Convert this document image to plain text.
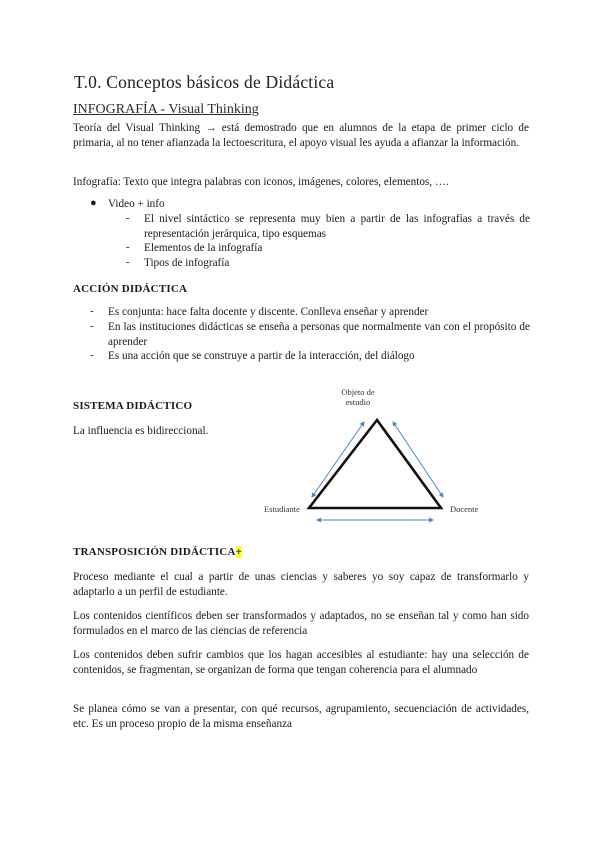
T.0. Conceptos básicos de Didáctica
INFOGRAFÍA - Visual Thinking
Teoría del Visual Thinking → está demostrado que en alumnos de la etapa de primer ciclo de primaria, al no tener afianzada la lectoescritura, el apoyo visual les ayuda a afianzar la información.
Infografía: Texto que integra palabras con iconos, imágenes, colores, elementos, ….
● Video + info
- El nivel sintáctico se representa muy bien a partir de las infografías a través de representación jerárquica, tipo esquemas
- Elementos de la infografía
- Tipos de infografía
ACCIÓN DIDÁCTICA
- Es conjunta: hace falta docente y discente. Conlleva enseñar y aprender
- En las instituciones didácticas se enseña a personas que normalmente van con el propósito de aprender
- Es una acción que se construye a partir de la interacción, del diálogo
SISTEMA DIDÁCTICO
La influencia es bidireccional.
Objeto de estudio
Estudiante	Docente
TRANSPOSICIÓN DIDÁCTICA+
Proceso mediante el cual a partir de unas ciencias y saberes yo soy capaz de transformarlo y adaptarlo a un perfil de estudiante.
Los contenidos científicos deben ser transformados y adaptados, no se enseñan tal y como han sido formulados en el marco de las ciencias de referencia
Los contenidos deben sufrir cambios que los hagan accesibles al estudiante: hay una selección de contenidos, se fragmentan, se organizan de forma que tengan coherencia para el alumnado
Se planea cómo se van a presentar, con qué recursos, agrupamiento, secuenciación de actividades, etc. Es un proceso propio de la misma enseñanza
